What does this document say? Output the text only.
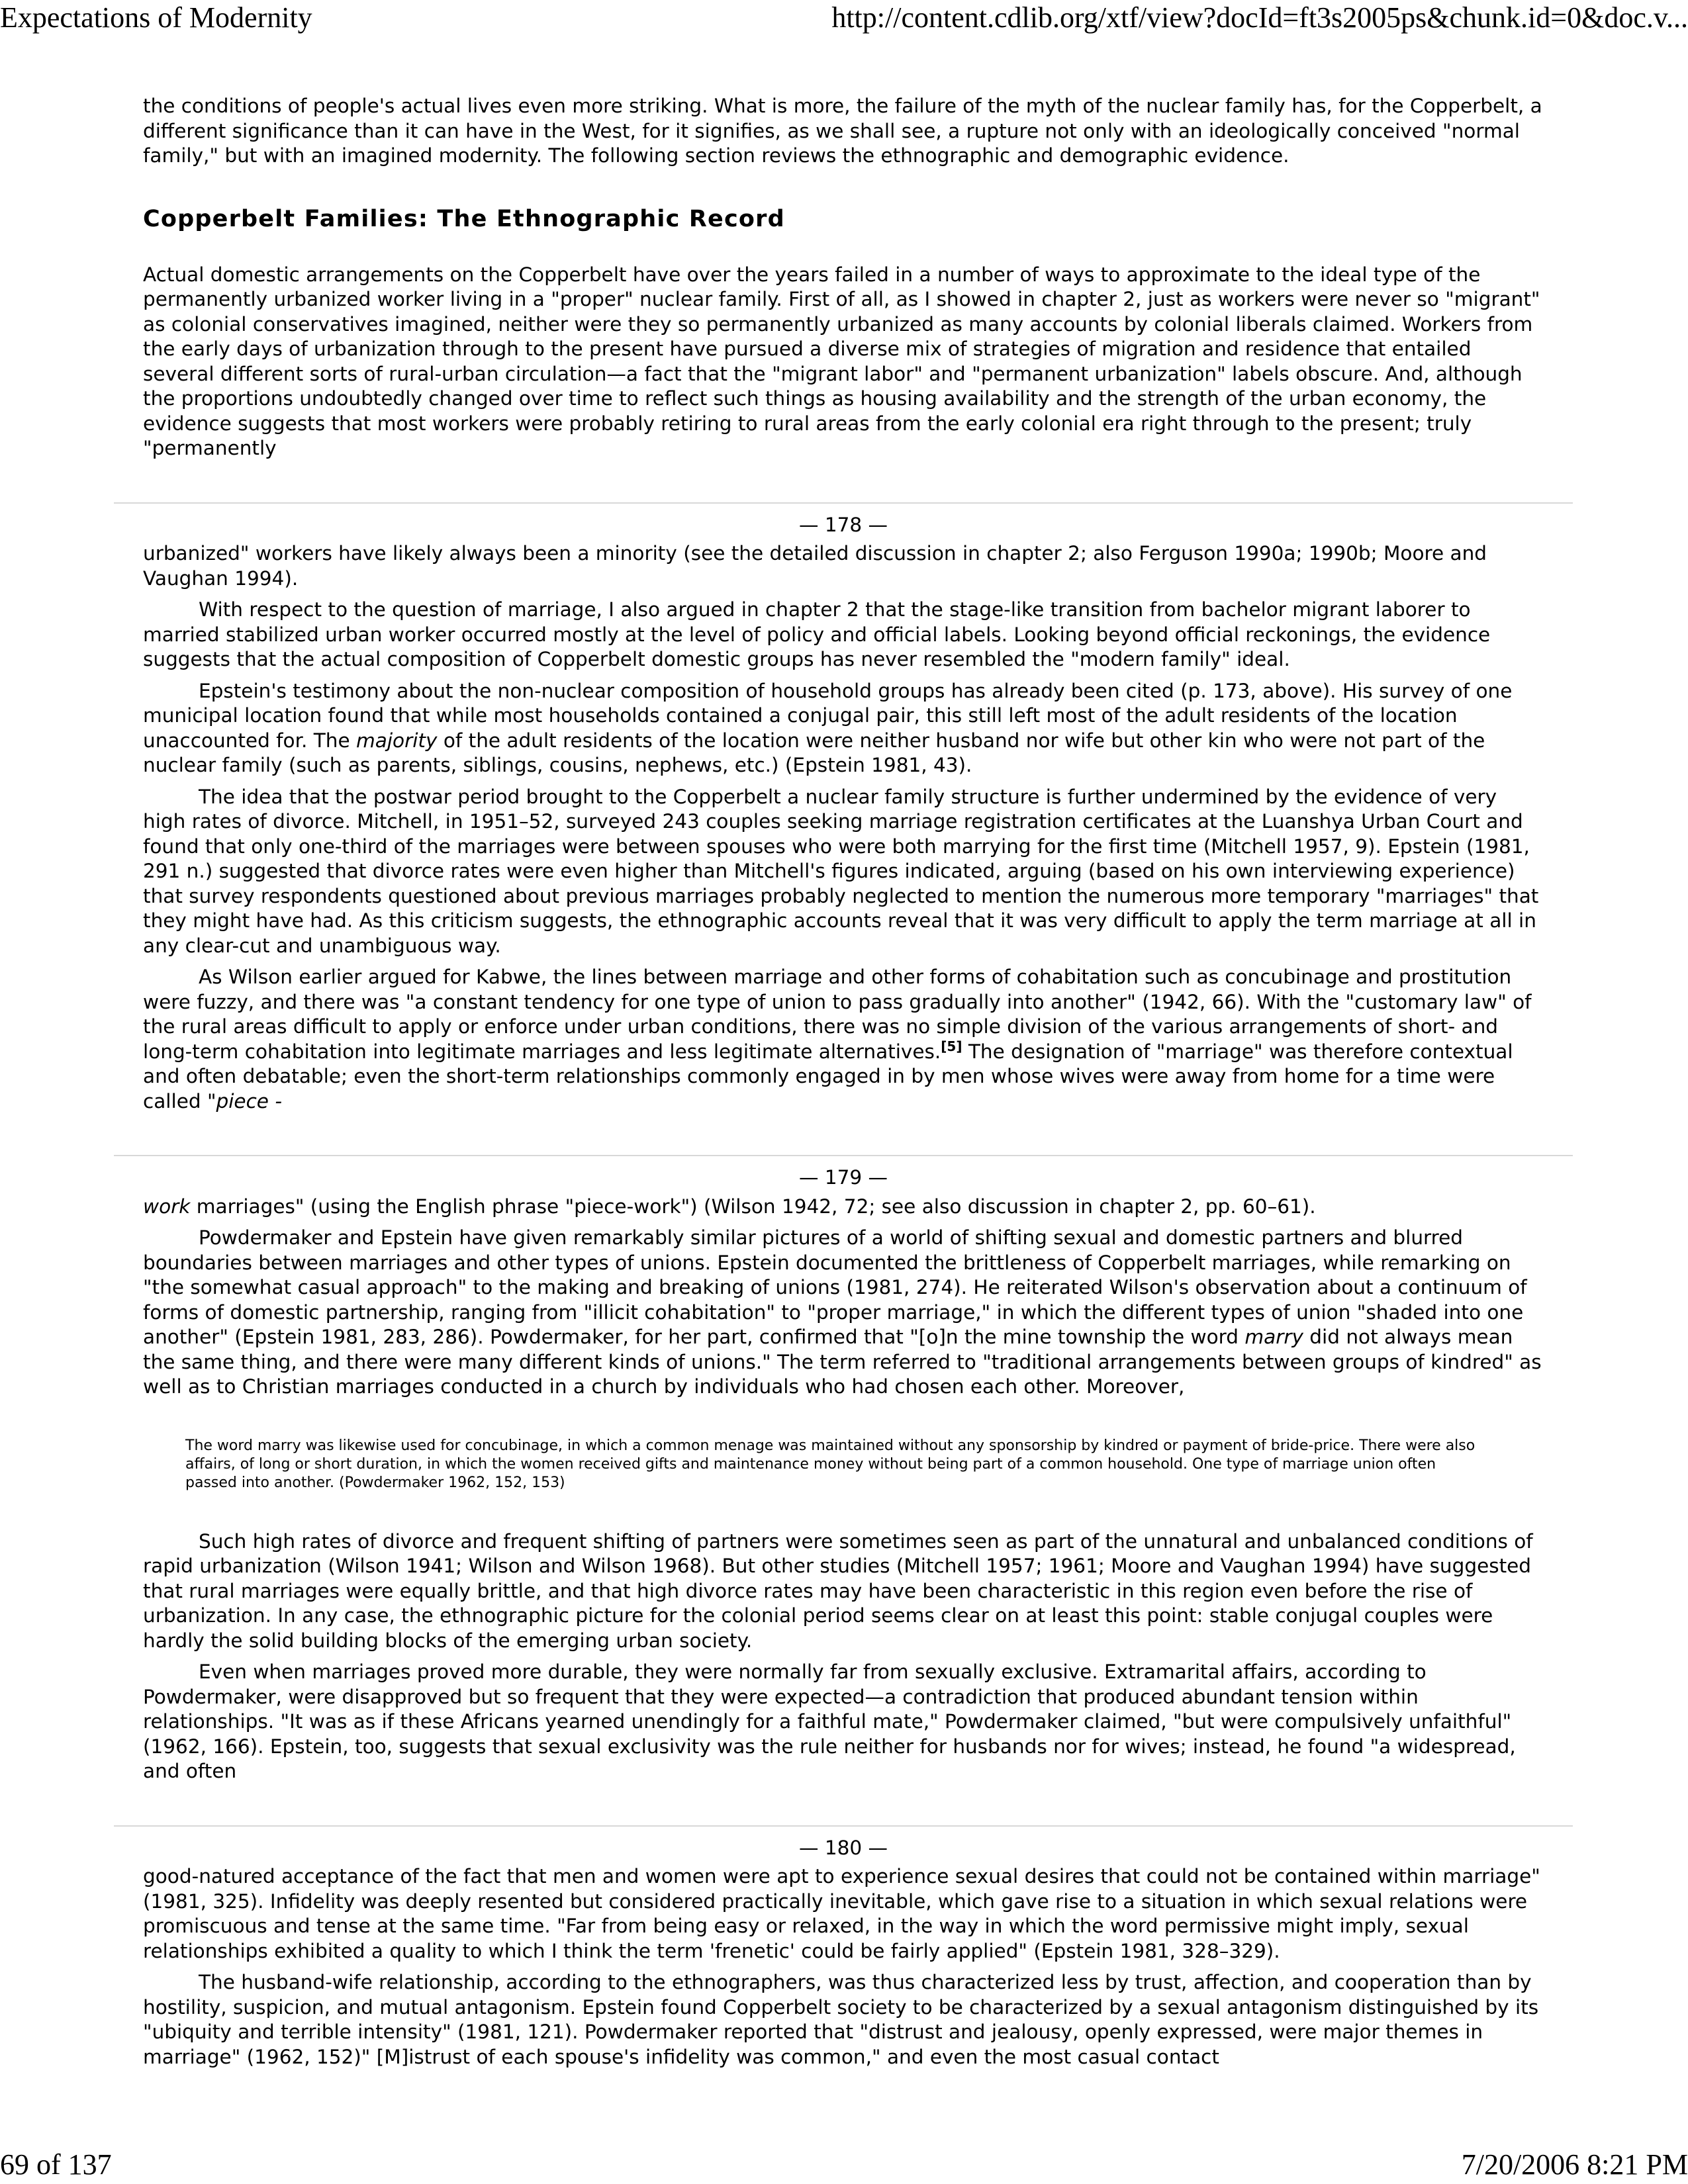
Expectations of Modernity	http://content.cdlib.org/xtf/view?docId=ft3s2005ps&chunk.id=0&doc.v...

the conditions of people's actual lives even more striking. What is more, the failure of the myth of the nuclear family has, for the Copperbelt, a different significance than it can have in the West, for it signifies, as we shall see, a rupture not only with an ideologically conceived "normal family," but with an imagined modernity. The following section reviews the ethnographic and demographic evidence.

Copperbelt Families: The Ethnographic Record

Actual domestic arrangements on the Copperbelt have over the years failed in a number of ways to approximate to the ideal type of the permanently urbanized worker living in a "proper" nuclear family. First of all, as I showed in chapter 2, just as workers were never so "migrant" as colonial conservatives imagined, neither were they so permanently urbanized as many accounts by colonial liberals claimed. Workers from the early days of urbanization through to the present have pursued a diverse mix of strategies of migration and residence that entailed several different sorts of rural-urban circulation—a fact that the "migrant labor" and "permanent urbanization" labels obscure. And, although the proportions undoubtedly changed over time to reflect such things as housing availability and the strength of the urban economy, the evidence suggests that most workers were probably retiring to rural areas from the early colonial era right through to the present; truly "permanently

— 178 —

urbanized" workers have likely always been a minority (see the detailed discussion in chapter 2; also Ferguson 1990a; 1990b; Moore and Vaughan 1994).

With respect to the question of marriage, I also argued in chapter 2 that the stage-like transition from bachelor migrant laborer to married stabilized urban worker occurred mostly at the level of policy and official labels. Looking beyond official reckonings, the evidence suggests that the actual composition of Copperbelt domestic groups has never resembled the "modern family" ideal.

Epstein's testimony about the non-nuclear composition of household groups has already been cited (p. 173, above). His survey of one municipal location found that while most households contained a conjugal pair, this still left most of the adult residents of the location unaccounted for. The majority of the adult residents of the location were neither husband nor wife but other kin who were not part of the nuclear family (such as parents, siblings, cousins, nephews, etc.) (Epstein 1981, 43).

The idea that the postwar period brought to the Copperbelt a nuclear family structure is further undermined by the evidence of very high rates of divorce. Mitchell, in 1951–52, surveyed 243 couples seeking marriage registration certificates at the Luanshya Urban Court and found that only one-third of the marriages were between spouses who were both marrying for the first time (Mitchell 1957, 9). Epstein (1981, 291 n.) suggested that divorce rates were even higher than Mitchell's figures indicated, arguing (based on his own interviewing experience) that survey respondents questioned about previous marriages probably neglected to mention the numerous more temporary "marriages" that they might have had. As this criticism suggests, the ethnographic accounts reveal that it was very difficult to apply the term marriage at all in any clear-cut and unambiguous way.

As Wilson earlier argued for Kabwe, the lines between marriage and other forms of cohabitation such as concubinage and prostitution were fuzzy, and there was "a constant tendency for one type of union to pass gradually into another" (1942, 66). With the "customary law" of the rural areas difficult to apply or enforce under urban conditions, there was no simple division of the various arrangements of short- and long-term cohabitation into legitimate marriages and less legitimate alternatives.[5] The designation of "marriage" was therefore contextual and often debatable; even the short-term relationships commonly engaged in by men whose wives were away from home for a time were called "piece -

— 179 —

work marriages" (using the English phrase "piece-work") (Wilson 1942, 72; see also discussion in chapter 2, pp. 60–61).

Powdermaker and Epstein have given remarkably similar pictures of a world of shifting sexual and domestic partners and blurred boundaries between marriages and other types of unions. Epstein documented the brittleness of Copperbelt marriages, while remarking on "the somewhat casual approach" to the making and breaking of unions (1981, 274). He reiterated Wilson's observation about a continuum of forms of domestic partnership, ranging from "illicit cohabitation" to "proper marriage," in which the different types of union "shaded into one another" (Epstein 1981, 283, 286). Powdermaker, for her part, confirmed that "[o]n the mine township the word marry did not always mean the same thing, and there were many different kinds of unions." The term referred to "traditional arrangements between groups of kindred" as well as to Christian marriages conducted in a church by individuals who had chosen each other. Moreover,

The word marry was likewise used for concubinage, in which a common menage was maintained without any sponsorship by kindred or payment of bride-price. There were also affairs, of long or short duration, in which the women received gifts and maintenance money without being part of a common household. One type of marriage union often passed into another. (Powdermaker 1962, 152, 153)

Such high rates of divorce and frequent shifting of partners were sometimes seen as part of the unnatural and unbalanced conditions of rapid urbanization (Wilson 1941; Wilson and Wilson 1968). But other studies (Mitchell 1957; 1961; Moore and Vaughan 1994) have suggested that rural marriages were equally brittle, and that high divorce rates may have been characteristic in this region even before the rise of urbanization. In any case, the ethnographic picture for the colonial period seems clear on at least this point: stable conjugal couples were hardly the solid building blocks of the emerging urban society.

Even when marriages proved more durable, they were normally far from sexually exclusive. Extramarital affairs, according to Powdermaker, were disapproved but so frequent that they were expected—a contradiction that produced abundant tension within relationships. "It was as if these Africans yearned unendingly for a faithful mate," Powdermaker claimed, "but were compulsively unfaithful" (1962, 166). Epstein, too, suggests that sexual exclusivity was the rule neither for husbands nor for wives; instead, he found "a widespread, and often

— 180 —

good-natured acceptance of the fact that men and women were apt to experience sexual desires that could not be contained within marriage" (1981, 325). Infidelity was deeply resented but considered practically inevitable, which gave rise to a situation in which sexual relations were promiscuous and tense at the same time. "Far from being easy or relaxed, in the way in which the word permissive might imply, sexual relationships exhibited a quality to which I think the term 'frenetic' could be fairly applied" (Epstein 1981, 328–329).

The husband-wife relationship, according to the ethnographers, was thus characterized less by trust, affection, and cooperation than by hostility, suspicion, and mutual antagonism. Epstein found Copperbelt society to be characterized by a sexual antagonism distinguished by its "ubiquity and terrible intensity" (1981, 121). Powdermaker reported that "distrust and jealousy, openly expressed, were major themes in marriage" (1962, 152)" [M]istrust of each spouse's infidelity was common," and even the most casual contact

69 of 137	7/20/2006 8:21 PM
